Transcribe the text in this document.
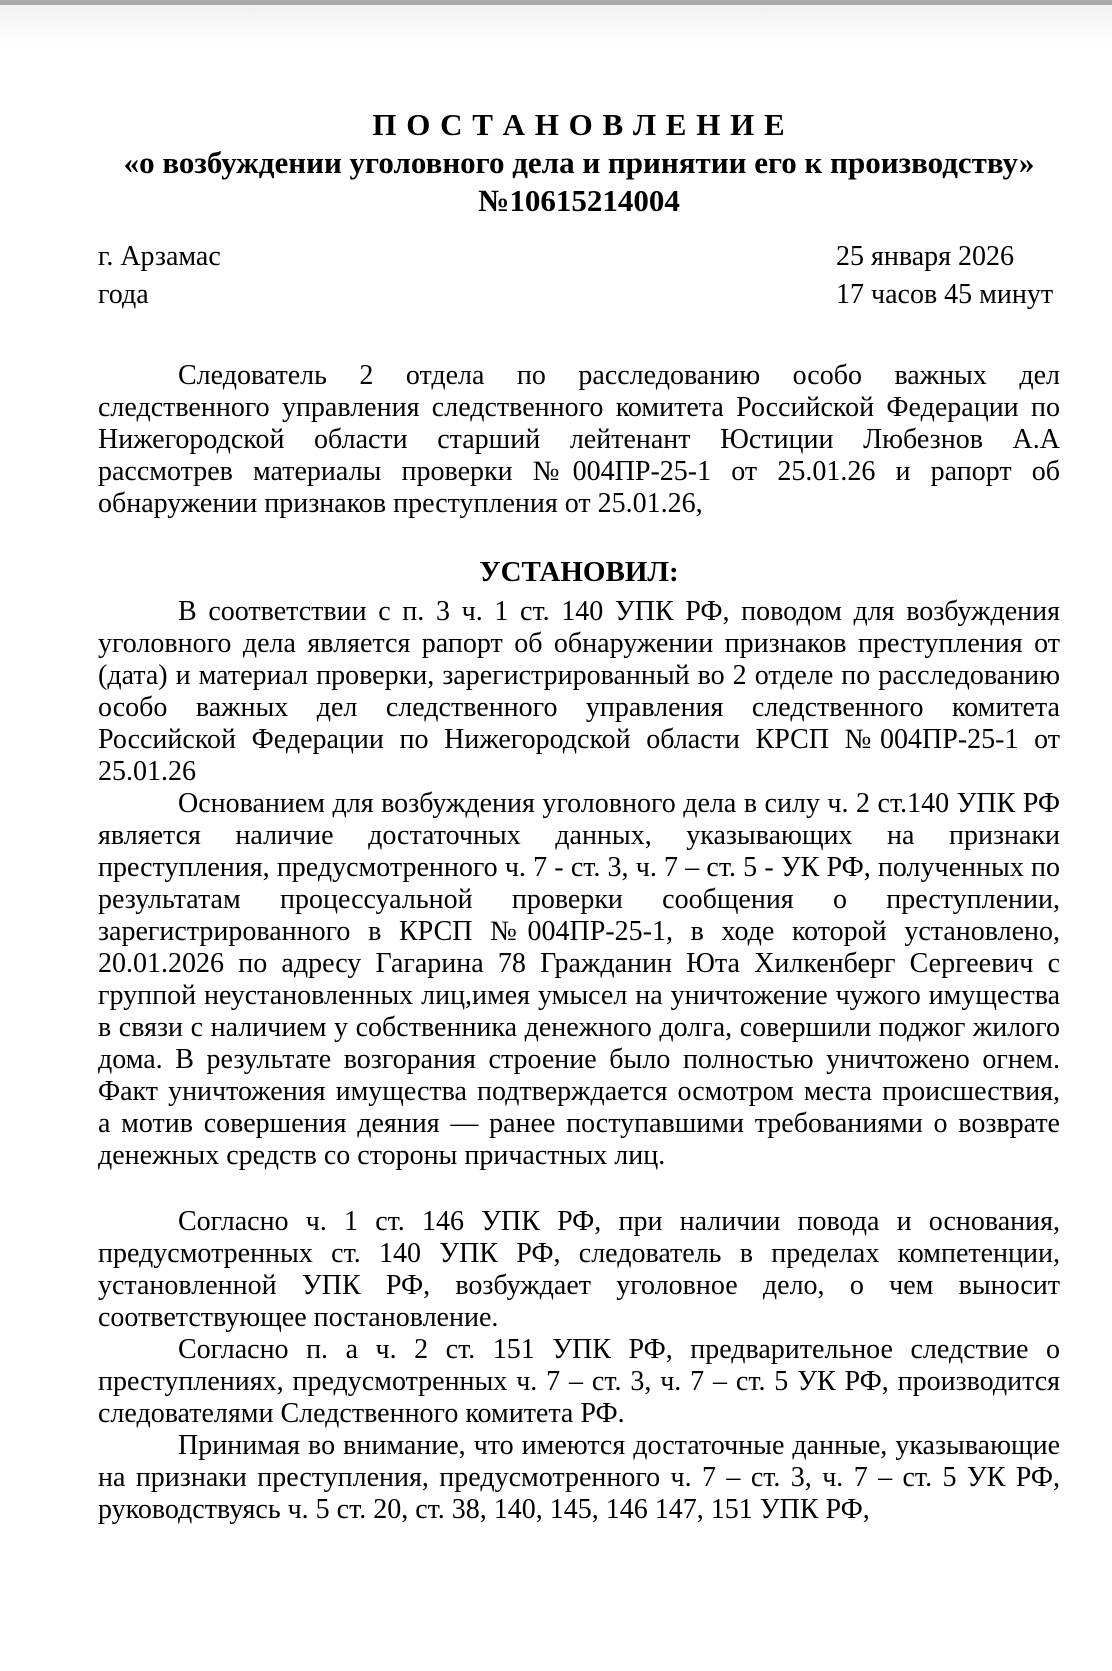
П О С Т А Н О В Л Е Н И Е
«о возбуждении уголовного дела и принятии его к производству»
№10615214004
г. Арзамас	25 января 2026
года	17 часов 45 минут

Следователь 2 отдела по расследованию особо важных дел следственного управления следственного комитета Российской Федерации по Нижегородской области старший лейтенант Юстиции Любезнов А.А рассмотрев материалы проверки №004ПР-25-1 от 25.01.26 и рапорт об обнаружении признаков преступления от 25.01.26,

УСТАНОВИЛ:

В соответствии с п. 3 ч. 1 ст. 140 УПК РФ, поводом для возбуждения уголовного дела является рапорт об обнаружении признаков преступления от (дата) и материал проверки, зарегистрированный во 2 отделе по расследованию особо важных дел следственного управления следственного комитета Российской Федерации по Нижегородской области КРСП №004ПР-25-1 от 25.01.26

Основанием для возбуждения уголовного дела в силу ч. 2 ст.140 УПК РФ является наличие достаточных данных, указывающих на признаки преступления, предусмотренного ч. 7 - ст. 3, ч. 7 – ст. 5 - УК РФ, полученных по результатам процессуальной проверки сообщения о преступлении, зарегистрированного в КРСП №004ПР-25-1, в ходе которой установлено, 20.01.2026 по адресу Гагарина 78 Гражданин Юта Хилкенберг Сергеевич с группой неустановленных лиц,имея умысел на уничтожение чужого имущества в связи с наличием у собственника денежного долга, совершили поджог жилого дома. В результате возгорания строение было полностью уничтожено огнем. Факт уничтожения имущества подтверждается осмотром места происшествия, а мотив совершения деяния — ранее поступавшими требованиями о возврате денежных средств со стороны причастных лиц.

Согласно ч. 1 ст. 146 УПК РФ, при наличии повода и основания, предусмотренных ст. 140 УПК РФ, следователь в пределах компетенции, установленной УПК РФ, возбуждает уголовное дело, о чем выносит соответствующее постановление.

Согласно п. а ч. 2 ст. 151 УПК РФ, предварительное следствие о преступлениях, предусмотренных ч. 7 – ст. 3, ч. 7 – ст. 5 УК РФ, производится следователями Следственного комитета РФ.

Принимая во внимание, что имеются достаточные данные, указывающие на признаки преступления, предусмотренного ч. 7 – ст. 3, ч. 7 – ст. 5 УК РФ, руководствуясь ч. 5 ст. 20, ст. 38, 140, 145, 146 147, 151 УПК РФ,
